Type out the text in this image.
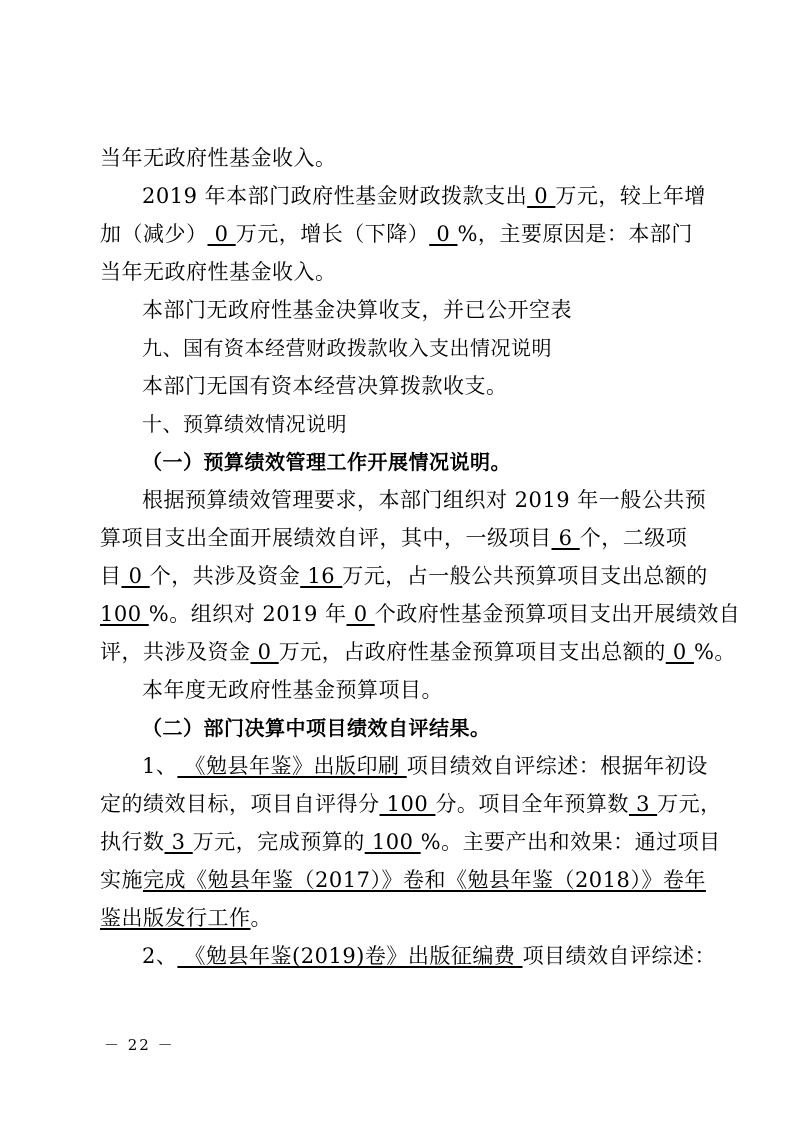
当年无政府性基金收入。
2019 年本部门政府性基金财政拨款支出 0 万元，较上年增
加（减少） 0 万元，增长（下降） 0 %，主要原因是：本部门
当年无政府性基金收入。
本部门无政府性基金决算收支，并已公开空表
九、国有资本经营财政拨款收入支出情况说明
本部门无国有资本经营决算拨款收支。
十、预算绩效情况说明
（一）预算绩效管理工作开展情况说明。
根据预算绩效管理要求，本部门组织对 2019 年一般公共预
算项目支出全面开展绩效自评，其中，一级项目 6 个，二级项
目 0 个，共涉及资金 16 万元，占一般公共预算项目支出总额的
100 %。组织对 2019 年 0 个政府性基金预算项目支出开展绩效自
评，共涉及资金 0 万元，占政府性基金预算项目支出总额的 0 %。
本年度无政府性基金预算项目。
（二）部门决算中项目绩效自评结果。
1、 《勉县年鉴》出版印刷 项目绩效自评综述：根据年初设
定的绩效目标，项目自评得分 100 分。项目全年预算数 3 万元，
执行数 3 万元，完成预算的 100 %。主要产出和效果：通过项目
实施完成《勉县年鉴（2017）》卷和《勉县年鉴（2018）》卷年
鉴出版发行工作。
2、 《勉县年鉴(2019)卷》出版征编费 项目绩效自评综述：
－ 22 －
